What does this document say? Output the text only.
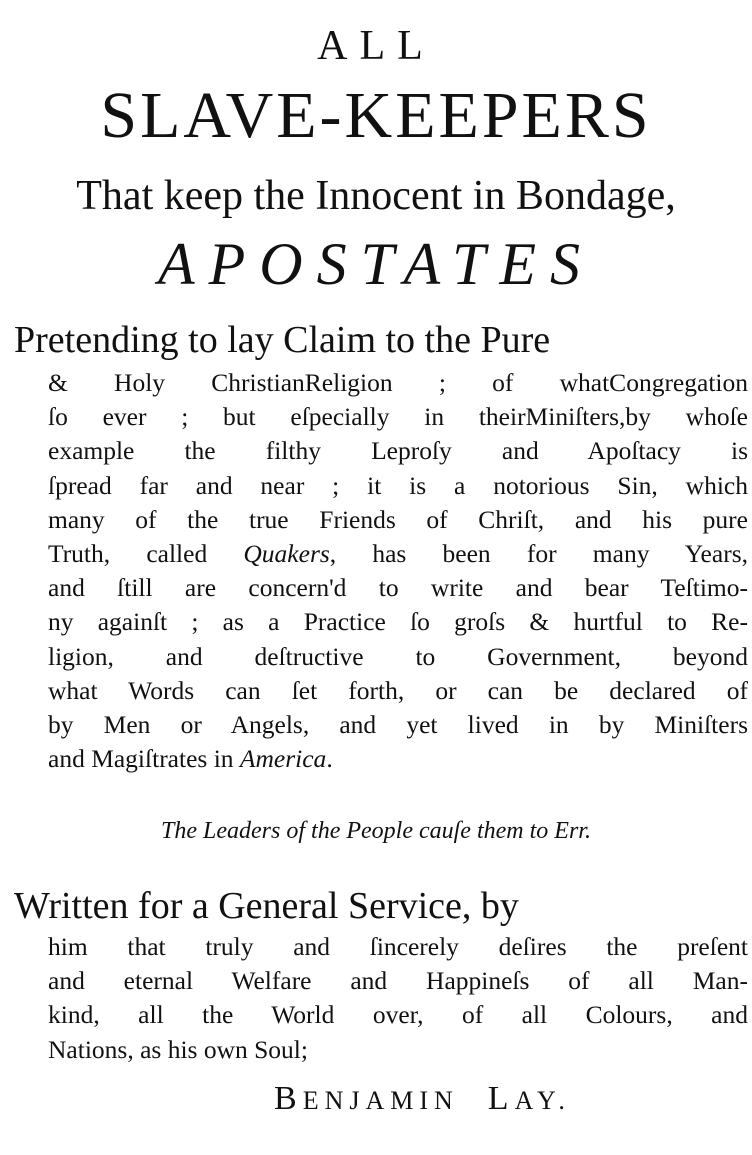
ALL
SLAVE-KEEPERS
That keep the Innocent in Bondage,
APOSTATES
Pretending to lay Claim to the Pure
& Holy ChristianReligion ; of whatCongregation
ſo ever ; but eſpecially in theirMiniſters,by whoſe
example the filthy Leproſy and Apoſtacy is
ſpread far and near ; it is a notorious Sin, which
many of the true Friends of Chriſt, and his pure
Truth, called Quakers, has been for many Years,
and ſtill are concern'd to write and bear Teſtimo-
ny againſt ; as a Practice ſo groſs & hurtful to Re-
ligion, and deſtructive to Government, beyond
what Words can ſet forth, or can be declared of
by Men or Angels, and yet lived in by Miniſters
and Magiſtrates in America.
The Leaders of the People cauſe them to Err.
Written for a General Service, by
him that truly and ſincerely deſires the preſent
and eternal Welfare and Happineſs of all Man-
kind, all the World over, of all Colours, and
Nations, as his own Soul;
BENJAMIN LAY.
